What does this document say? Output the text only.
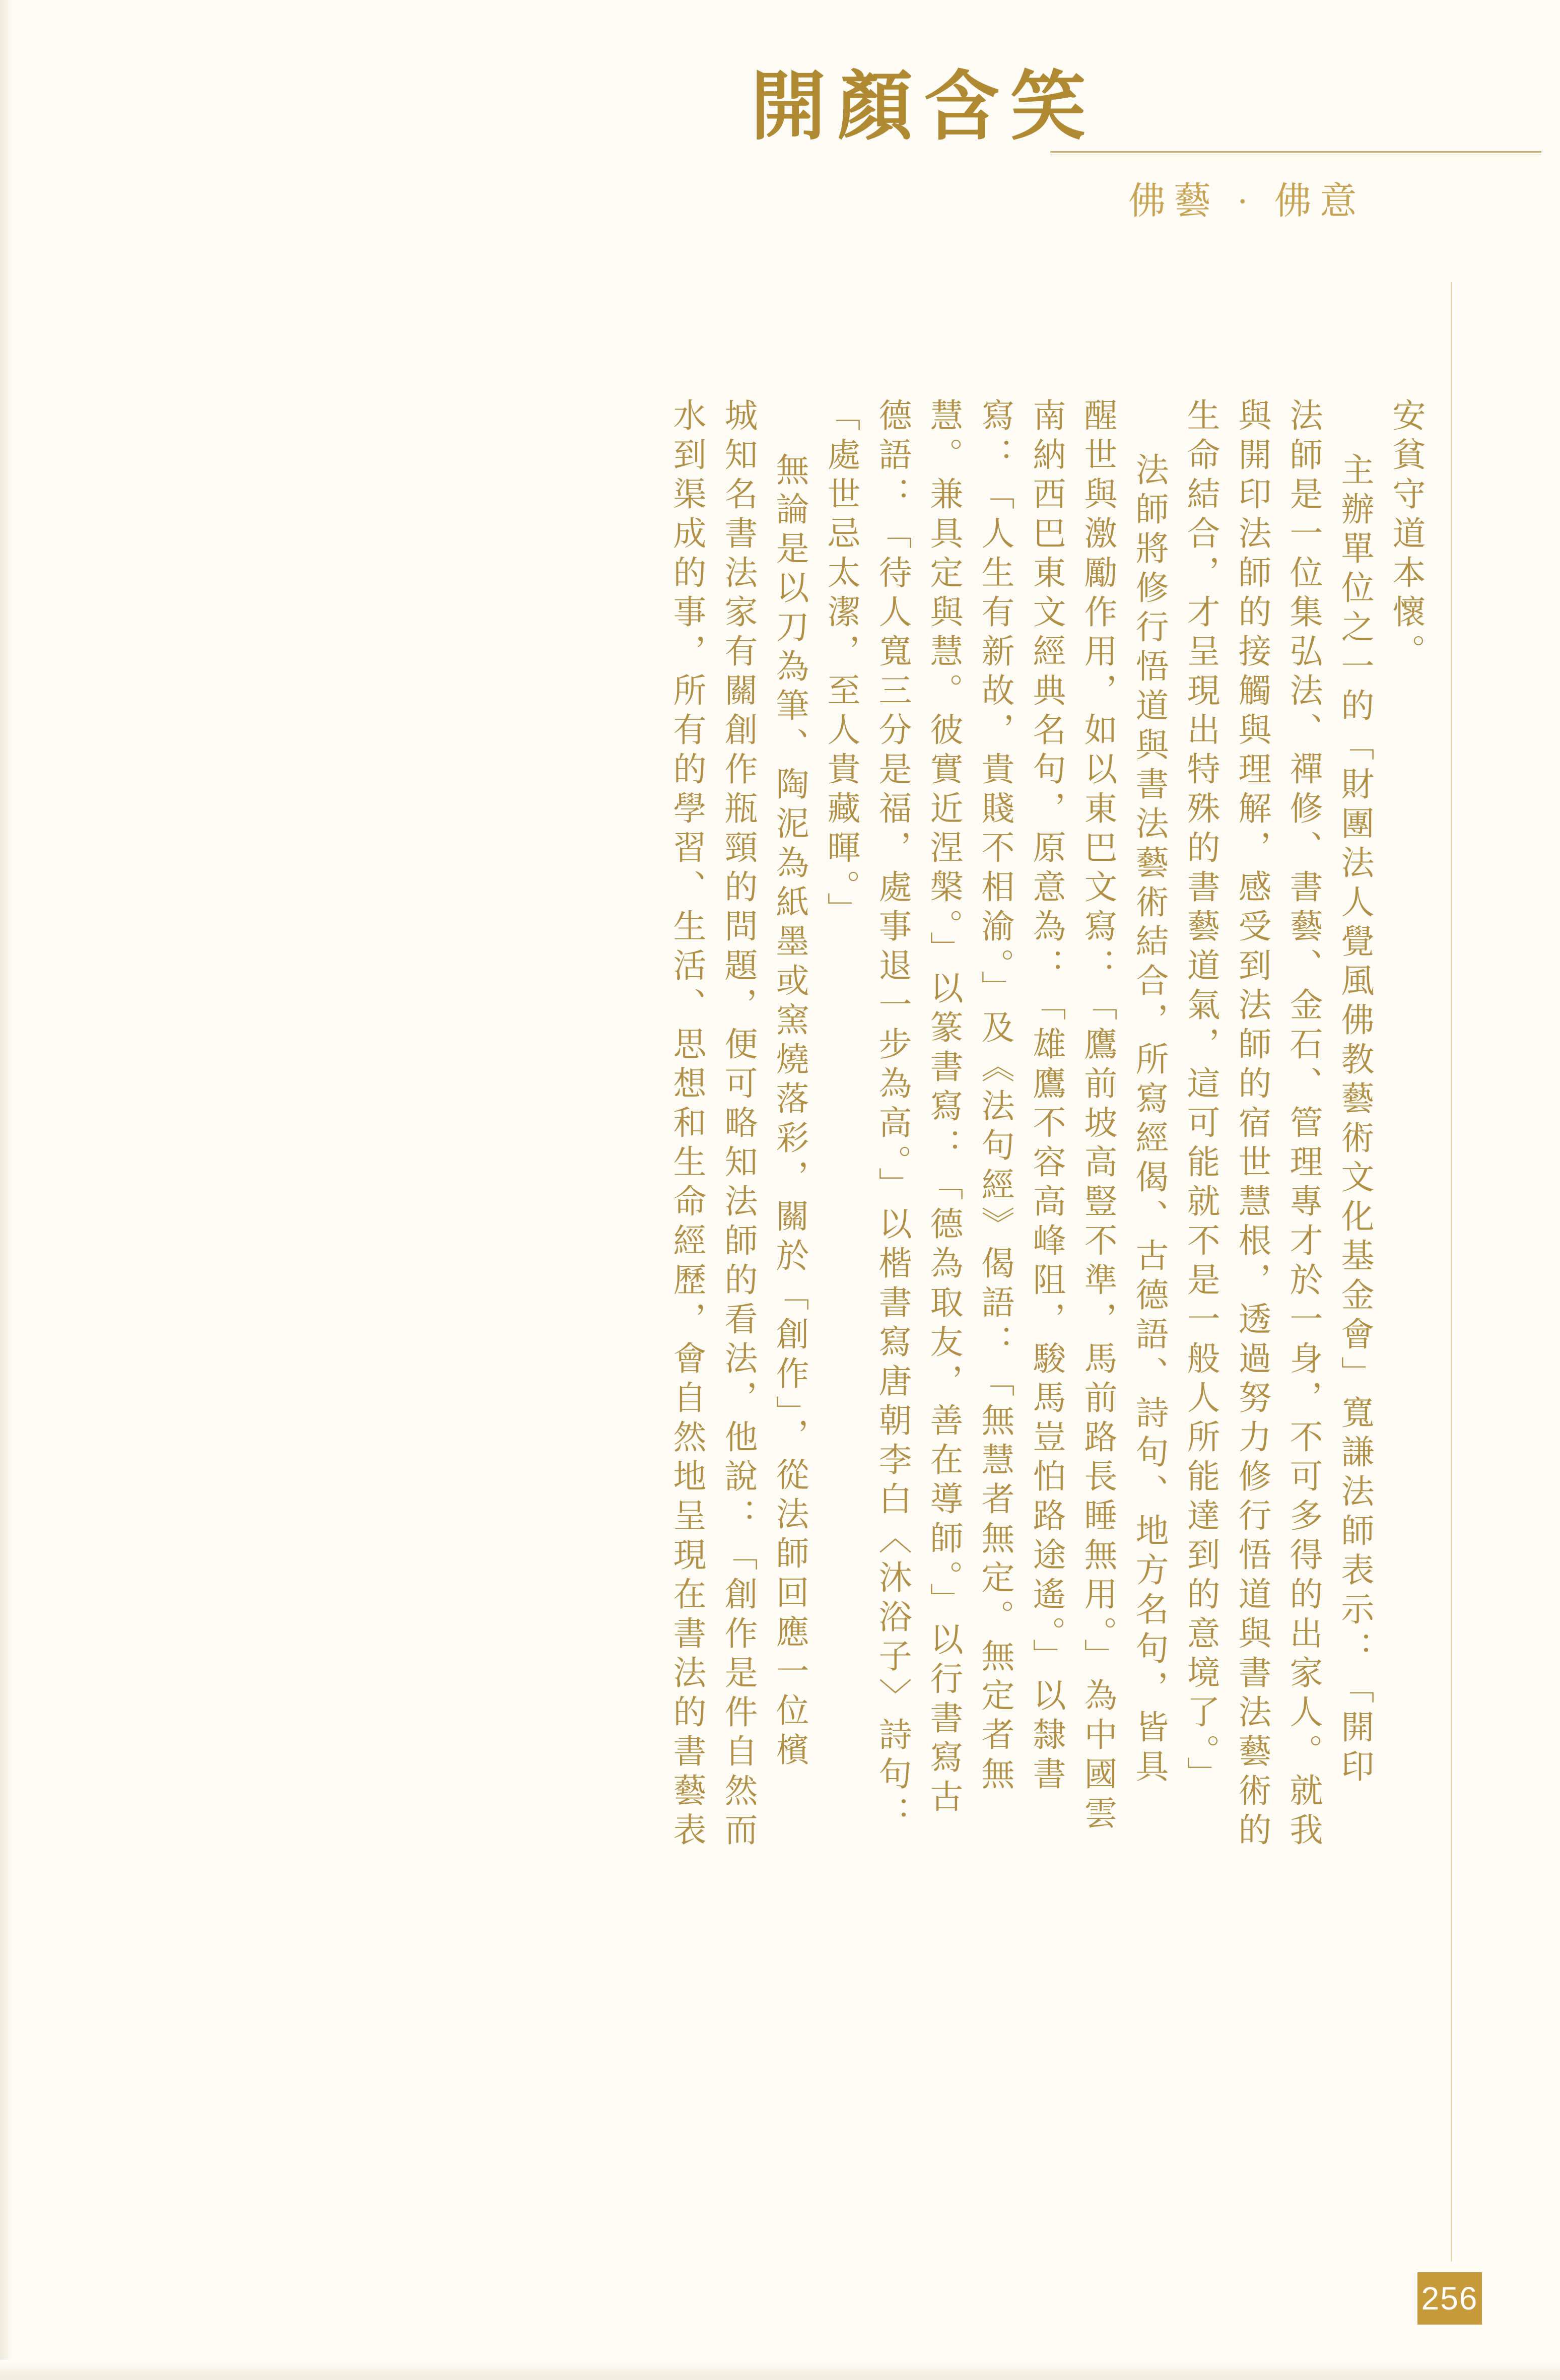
開顏含笑
佛藝 · 佛意
安貧守道本懷。
主辦單位之一的「財團法人覺風佛教藝術文化基金會」寬謙法師表示：「開印
法師是一位集弘法、禪修、書藝、金石、管理專才於一身，不可多得的出家人。就我
與開印法師的接觸與理解，感受到法師的宿世慧根，透過努力修行悟道與書法藝術的
生命結合，才呈現出特殊的書藝道氣，這可能就不是一般人所能達到的意境了。」
法師將修行悟道與書法藝術結合，所寫經偈、古德語、詩句、地方名句，皆具
醒世與激勵作用，如以東巴文寫：「鷹前坡高豎不準，馬前路長睡無用。」為中國雲
南納西巴東文經典名句，原意為：「雄鷹不容高峰阻，駿馬豈怕路途遙。」以隸書
寫：「人生有新故，貴賤不相渝。」及《法句經》偈語：「無慧者無定。無定者無
慧。兼具定與慧。彼實近涅槃。」以篆書寫：「德為取友，善在導師。」以行書寫古
德語：「待人寬三分是福，處事退一步為高。」以楷書寫唐朝李白〈沐浴子〉詩句：
「處世忌太潔，至人貴藏暉。」
無論是以刀為筆、陶泥為紙墨或窯燒落彩，關於「創作」，從法師回應一位檳
城知名書法家有關創作瓶頸的問題，便可略知法師的看法，他說：「創作是件自然而
水到渠成的事，所有的學習、生活、思想和生命經歷，會自然地呈現在書法的書藝表
256
